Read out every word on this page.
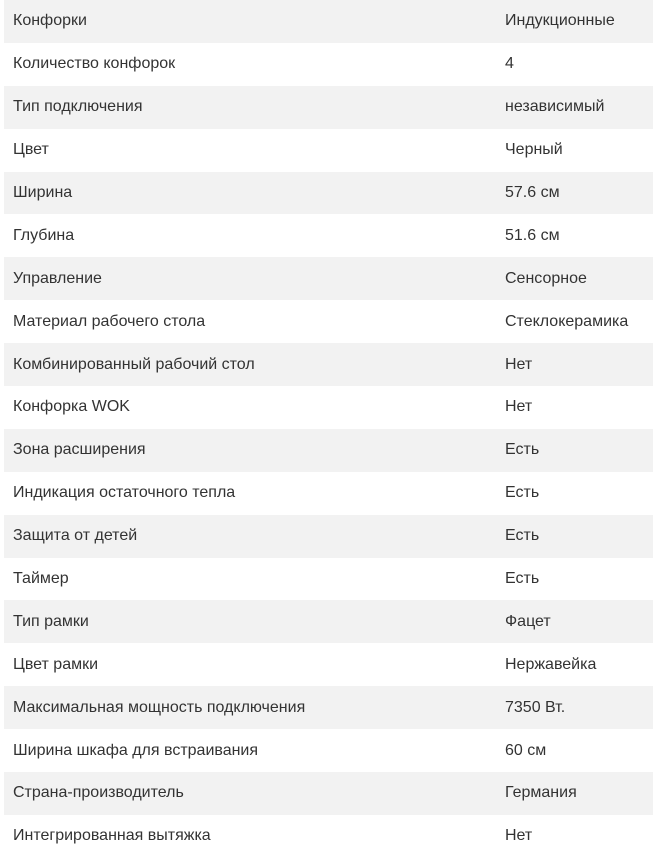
Конфорки	Индукционные
Количество конфорок	4
Тип подключения	независимый
Цвет	Черный
Ширина	57.6 см
Глубина	51.6 см
Управление	Сенсорное
Материал рабочего стола	Стеклокерамика
Комбинированный рабочий стол	Нет
Конфорка WOK	Нет
Зона расширения	Есть
Индикация остаточного тепла	Есть
Защита от детей	Есть
Таймер	Есть
Тип рамки	Фацет
Цвет рамки	Нержавейка
Максимальная мощность подключения	7350 Вт.
Ширина шкафа для встраивания	60 см
Страна-производитель	Германия
Интегрированная вытяжка	Нет
